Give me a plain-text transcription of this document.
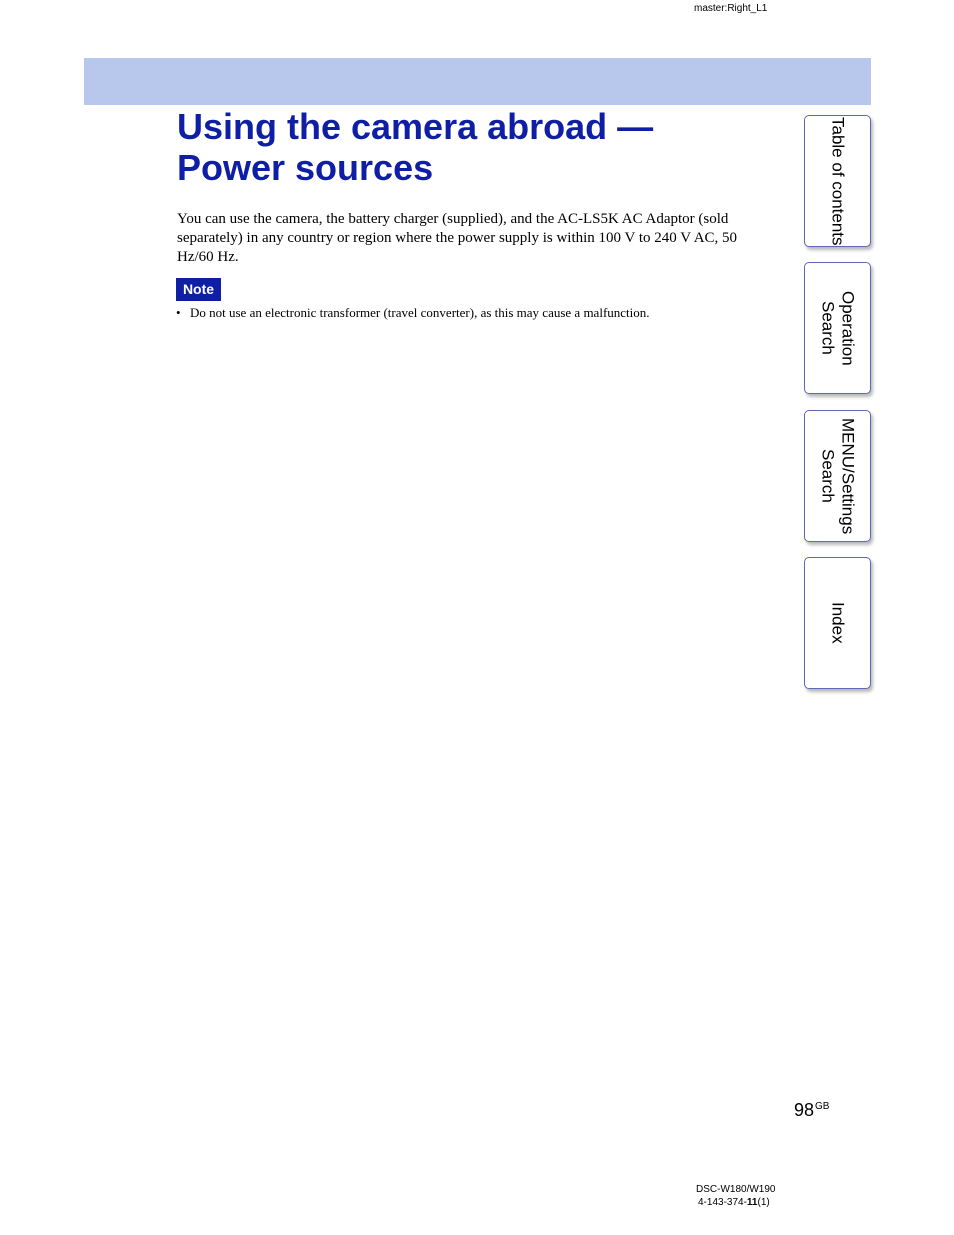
master:Right_L1
Using the camera abroad —
Power sources

You can use the camera, the battery charger (supplied), and the AC-LS5K AC Adaptor (sold separately) in any country or region where the power supply is within 100 V to 240 V AC, 50 Hz/60 Hz.

Note
• Do not use an electronic transformer (travel converter), as this may cause a malfunction.
Table of contents
Operation Search
MENU/Settings Search
Index
$98^{GB}$
DSC-W180/W190
4-143-374-11(1)
